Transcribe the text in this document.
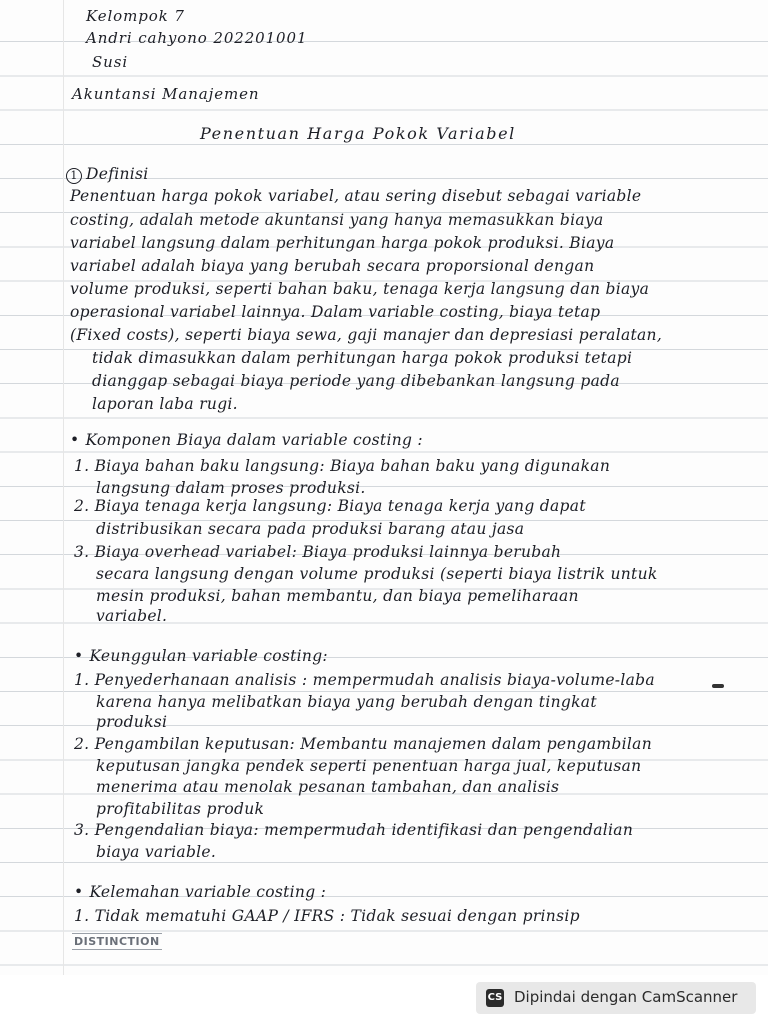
Kelompok 7

Andri cahyono 202201001

Susi

Akuntansi Manajemen

Penentuan Harga Pokok Variabel

1 Definisi

Penentuan harga pokok variabel, atau sering disebut sebagai variable

costing, adalah metode akuntansi yang hanya memasukkan biaya

variabel langsung dalam perhitungan harga pokok produksi. Biaya

variabel adalah biaya yang berubah secara proporsional dengan

volume produksi, seperti bahan baku, tenaga kerja langsung dan biaya

operasional variabel lainnya. Dalam variable costing, biaya tetap

(Fixed costs), seperti biaya sewa, gaji manajer dan depresiasi peralatan,

tidak dimasukkan dalam perhitungan harga pokok produksi tetapi

dianggap sebagai biaya periode yang dibebankan langsung pada

laporan laba rugi.

• Komponen Biaya dalam variable costing :

1. Biaya bahan baku langsung: Biaya bahan baku yang digunakan

langsung dalam proses produksi.

2. Biaya tenaga kerja langsung: Biaya tenaga kerja yang dapat

distribusikan secara pada produksi barang atau jasa

3. Biaya overhead variabel: Biaya produksi lainnya berubah

secara langsung dengan volume produksi (seperti biaya listrik untuk

mesin produksi, bahan membantu, dan biaya pemeliharaan

variabel.

• Keunggulan variable costing:

1. Penyederhanaan analisis : mempermudah analisis biaya-volume-laba

karena hanya melibatkan biaya yang berubah dengan tingkat

produksi

2. Pengambilan keputusan: Membantu manajemen dalam pengambilan

keputusan jangka pendek seperti penentuan harga jual, keputusan

menerima atau menolak pesanan tambahan, dan analisis

profitabilitas produk

3. Pengendalian biaya: mempermudah identifikasi dan pengendalian

biaya variable.

• Kelemahan variable costing :

1. Tidak mematuhi GAAP / IFRS : Tidak sesuai dengan prinsip

DISTINCTION
CS Dipindai dengan CamScanner
